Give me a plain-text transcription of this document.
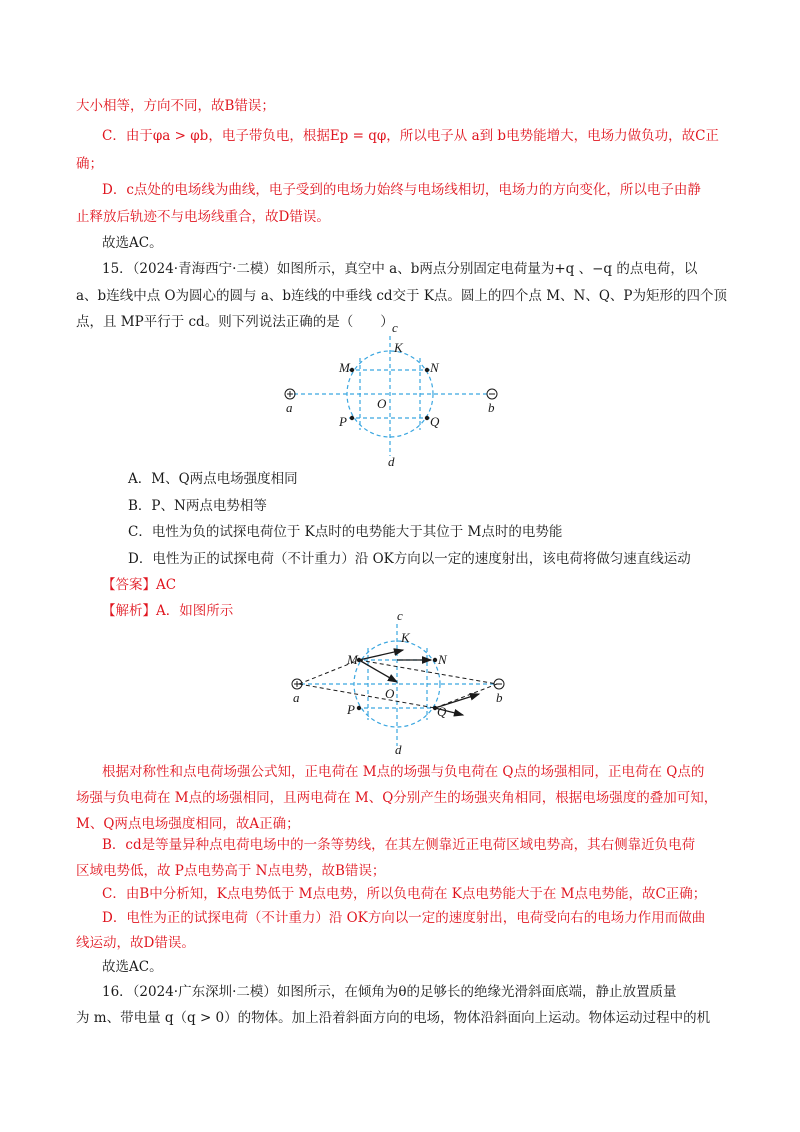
大小相等，方向不同，故B错误；
C．由于φa > φb，电子带负电，根据Ep = qφ，所以电子从 a到 b电势能增大，电场力做负功，故C正
确；
D．c点处的电场线为曲线，电子受到的电场力始终与电场线相切，电场力的方向变化，所以电子由静
止释放后轨迹不与电场线重合，故D错误。
故选AC。
15．（2024·青海西宁·二模）如图所示，真空中 a、b两点分别固定电荷量为+q 、−q 的点电荷，以
a、b连线中点 O为圆心的圆与 a、b连线的中垂线 cd交于 K点。圆上的四个点 M、N、Q、P为矩形的四个顶
点，且 MP平行于 cd。则下列说法正确的是（　　）
c
K
M	N
a	O	b
P	Q
d
A．M、Q两点电场强度相同
B．P、N两点电势相等
C．电性为负的试探电荷位于 K点时的电势能大于其位于 M点时的电势能
D．电性为正的试探电荷（不计重力）沿 OK方向以一定的速度射出，该电荷将做匀速直线运动
【答案】AC
【解析】A．如图所示	c
K
M	N
a	O	b
P	Q
d
根据对称性和点电荷场强公式知，正电荷在 M点的场强与负电荷在 Q点的场强相同，正电荷在 Q点的
场强与负电荷在 M点的场强相同，且两电荷在 M、Q分别产生的场强夹角相同，根据电场强度的叠加可知，
M、Q两点电场强度相同，故A正确；
B．cd是等量异种点电荷电场中的一条等势线，在其左侧靠近正电荷区域电势高，其右侧靠近负电荷
区域电势低，故 P点电势高于 N点电势，故B错误；
C．由B中分析知，K点电势低于 M点电势，所以负电荷在 K点电势能大于在 M点电势能，故C正确；
D．电性为正的试探电荷（不计重力）沿 OK方向以一定的速度射出，电荷受向右的电场力作用而做曲
线运动，故D错误。
故选AC。
16．（2024·广东深圳·二模）如图所示，在倾角为θ的足够长的绝缘光滑斜面底端，静止放置质量
为 m、带电量 q（q > 0）的物体。加上沿着斜面方向的电场，物体沿斜面向上运动。物体运动过程中的机
